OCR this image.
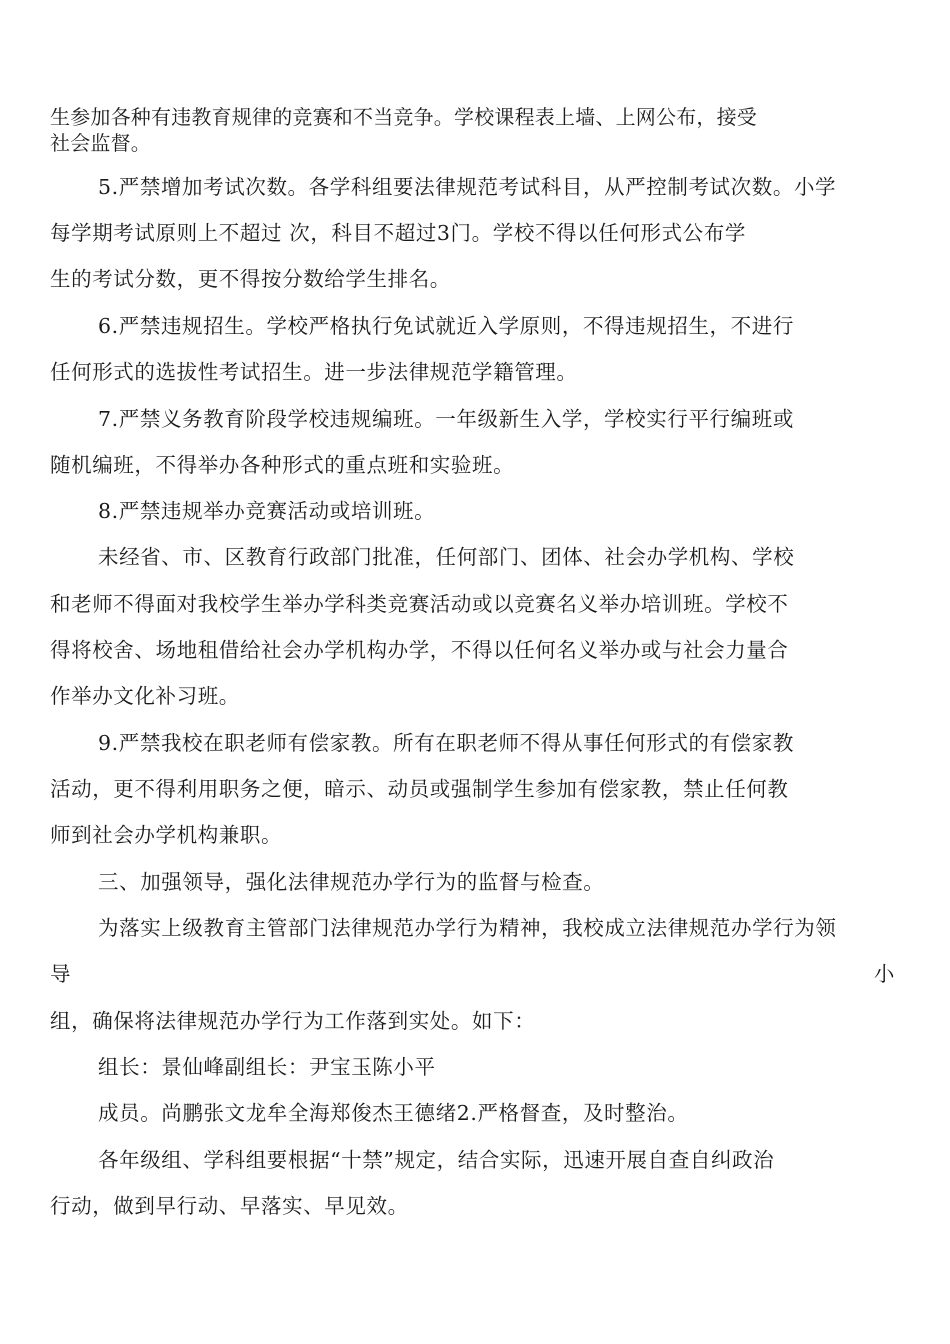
生参加各种有违教育规律的竞赛和不当竞争。学校课程表上墙、上网公布，接受
社会监督。
5.严禁增加考试次数。各学科组要法律规范考试科目，从严控制考试次数。小学
每学期考试原则上不超过 次，科目不超过3门。学校不得以任何形式公布学
生的考试分数，更不得按分数给学生排名。
6.严禁违规招生。学校严格执行免试就近入学原则，不得违规招生，不进行
任何形式的选拔性考试招生。进一步法律规范学籍管理。
7.严禁义务教育阶段学校违规编班。一年级新生入学，学校实行平行编班或
随机编班，不得举办各种形式的重点班和实验班。
8.严禁违规举办竞赛活动或培训班。
未经省、市、区教育行政部门批准，任何部门、团体、社会办学机构、学校
和老师不得面对我校学生举办学科类竞赛活动或以竞赛名义举办培训班。学校不
得将校舍、场地租借给社会办学机构办学，不得以任何名义举办或与社会力量合
作举办文化补习班。
9.严禁我校在职老师有偿家教。所有在职老师不得从事任何形式的有偿家教
活动，更不得利用职务之便，暗示、动员或强制学生参加有偿家教，禁止任何教
师到社会办学机构兼职。
三、加强领导，强化法律规范办学行为的监督与检查。
为落实上级教育主管部门法律规范办学行为精神，我校成立法律规范办学行为领
导	小
组，确保将法律规范办学行为工作落到实处。如下：
组长：景仙峰副组长：尹宝玉陈小平
成员。尚鹏张文龙牟全海郑俊杰王德绪2.严格督查，及时整治。
各年级组、学科组要根据“十禁”规定，结合实际，迅速开展自查自纠政治
行动，做到早行动、早落实、早见效。
